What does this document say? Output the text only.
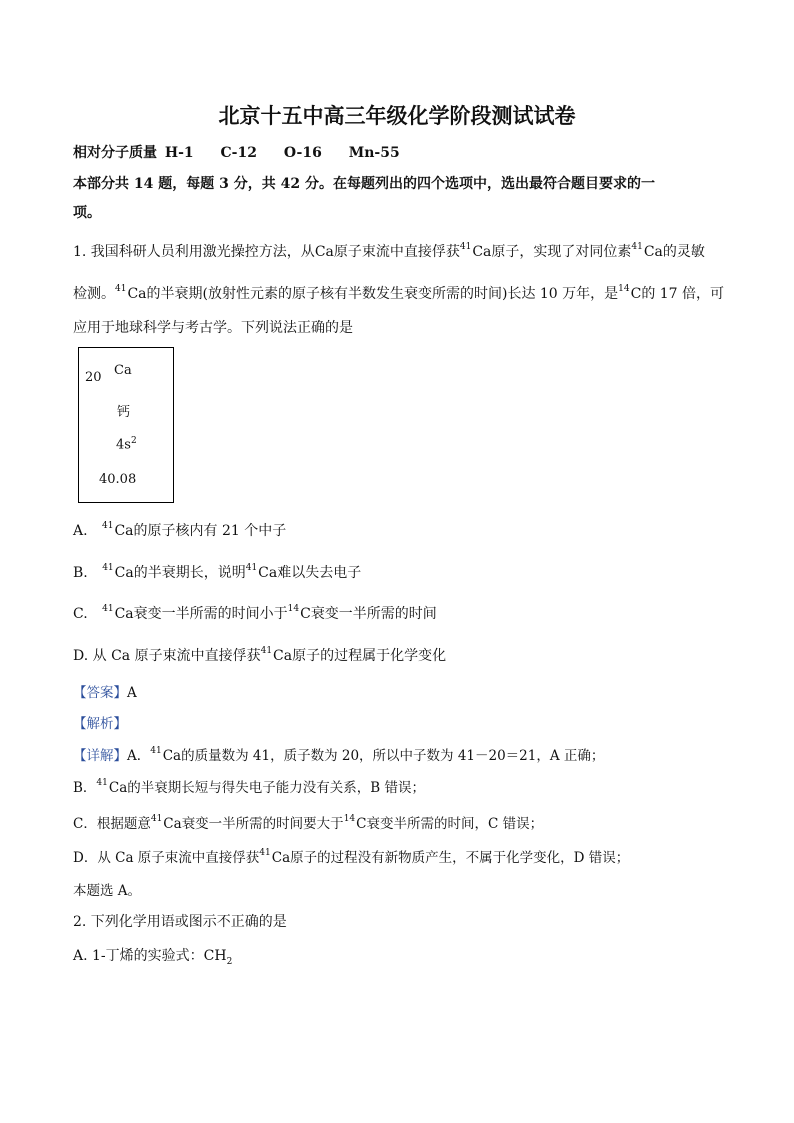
北京十五中高三年级化学阶段测试试卷
相对分子质量 H-1 C-12 O-16 Mn-55
本部分共 14 题，每题 3 分，共 42 分。在每题列出的四个选项中，选出最符合题目要求的一
项。
1. 我国科研人员利用激光操控方法，从Ca原子束流中直接俘获$^{41}$Ca原子，实现了对同位素$^{41}$Ca的灵敏
检测。$^{41}$Ca的半衰期(放射性元素的原子核有半数发生衰变所需的时间)长达 10 万年，是$^{14}$C的 17 倍，可
应用于地球科学与考古学。下列说法正确的是
20 Ca
钙
$4s^2$
40.08
A. $^{41}$Ca的原子核内有 21 个中子
B. $^{41}$Ca的半衰期长，说明$^{41}$Ca难以失去电子
C. $^{41}$Ca衰变一半所需的时间小于$^{14}$C衰变一半所需的时间
D. 从 Ca 原子束流中直接俘获$^{41}$Ca原子的过程属于化学变化
【答案】A
【解析】
【详解】A．$^{41}$Ca的质量数为 41，质子数为 20，所以中子数为 41－20＝21，A 正确；
B．$^{41}$Ca的半衰期长短与得失电子能力没有关系，B 错误；
C．根据题意$^{41}$Ca衰变一半所需的时间要大于$^{14}$C衰变半所需的时间，C 错误；
D．从 Ca 原子束流中直接俘获$^{41}$Ca原子的过程没有新物质产生，不属于化学变化，D 错误；
本题选 A。
2. 下列化学用语或图示不正确的是
A. 1-丁烯的实验式：$CH_2$
